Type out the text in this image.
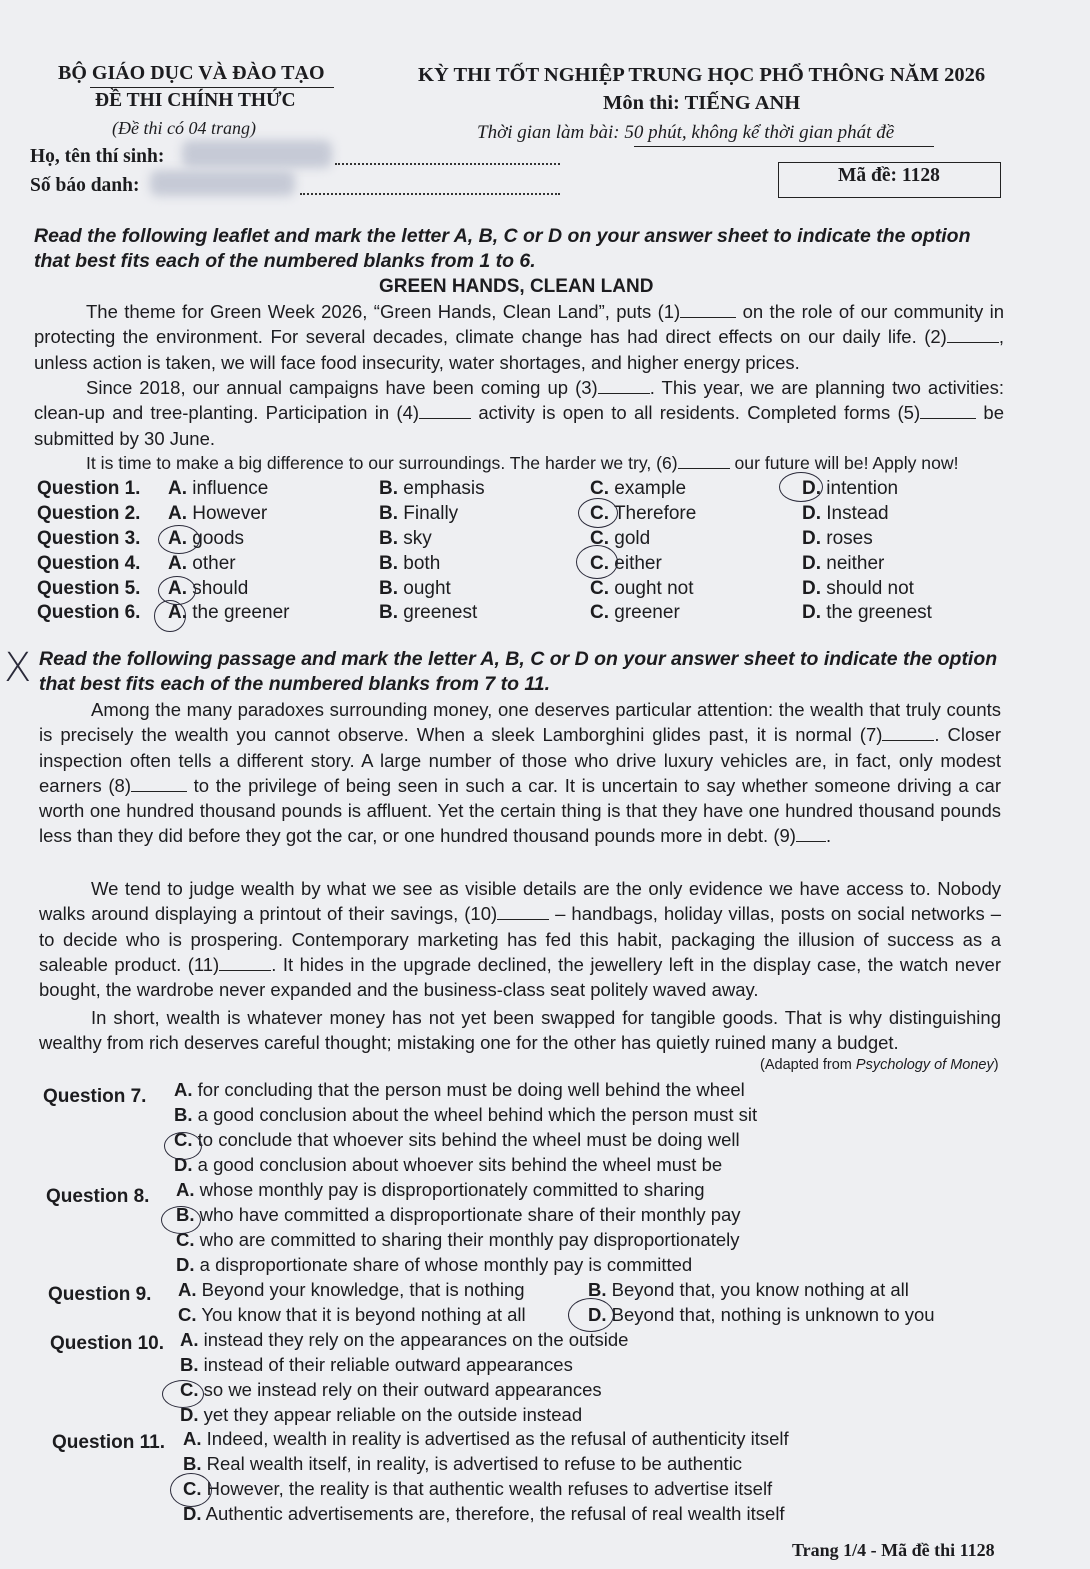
BỘ GIÁO DỤC VÀ ĐÀO TẠO
ĐỀ THI CHÍNH THỨC
(Đề thi có 04 trang)
KỲ THI TỐT NGHIỆP TRUNG HỌC PHỔ THÔNG NĂM 2026
Môn thi: TIẾNG ANH
Thời gian làm bài: 50 phút, không kể thời gian phát đề
Họ, tên thí sinh:
Số báo danh:	Mã đề: 1128
Read the following leaflet and mark the letter A, B, C or D on your answer sheet to indicate the option that best fits each of the numbered blanks from 1 to 6.
GREEN HANDS, CLEAN LAND
The theme for Green Week 2026, “Green Hands, Clean Land”, puts (1)	on the role of our community in protecting the environment. For several decades, climate change has had direct effects on our daily life. (2)	, unless action is taken, we will face food insecurity, water shortages, and higher energy prices.
Since 2018, our annual campaigns have been coming up (3)	. This year, we are planning two activities: clean-up and tree-planting. Participation in (4)	activity is open to all residents. Completed forms (5)	be submitted by 30 June.
It is time to make a big difference to our surroundings. The harder we try, (6)	our future will be! Apply now!
Question 1. A. influence	B. emphasis	C. example	D. intention
Question 2. A. However	B. Finally	C. Therefore	D. Instead
Question 3. A. goods	B. sky	C. gold	D. roses
Question 4. A. other	B. both	C. either	D. neither
Question 5. A. should	B. ought	C. ought not	D. should not
Question 6. A. the greener	B. greenest	C. greener	D. the greenest
X Read the following passage and mark the letter A, B, C or D on your answer sheet to indicate the option that best fits each of the numbered blanks from 7 to 11.
Among the many paradoxes surrounding money, one deserves particular attention: the wealth that truly counts is precisely the wealth you cannot observe. When a sleek Lamborghini glides past, it is normal (7)	. Closer inspection often tells a different story. A large number of those who drive luxury vehicles are, in fact, only modest earners (8)	to the privilege of being seen in such a car. It is uncertain to say whether someone driving a car worth one hundred thousand pounds is affluent. Yet the certain thing is that they have one hundred thousand pounds less than they did before they got the car, or one hundred thousand pounds more in debt. (9) .
We tend to judge wealth by what we see as visible details are the only evidence we have access to. Nobody walks around displaying a printout of their savings, (10)	– handbags, holiday villas, posts on social networks – to decide who is prospering. Contemporary marketing has fed this habit, packaging the illusion of success as a saleable product. (11)	. It hides in the upgrade declined, the jewellery left in the display case, the watch never bought, the wardrobe never expanded and the business-class seat politely waved away.
In short, wealth is whatever money has not yet been swapped for tangible goods. That is why distinguishing wealthy from rich deserves careful thought; mistaking one for the other has quietly ruined many a budget.
(Adapted from Psychology of Money)
Question 7. A. for concluding that the person must be doing well behind the wheel
B. a good conclusion about the wheel behind which the person must sit
C. to conclude that whoever sits behind the wheel must be doing well
D. a good conclusion about whoever sits behind the wheel must be
Question 8. A. whose monthly pay is disproportionately committed to sharing
B. who have committed a disproportionate share of their monthly pay
C. who are committed to sharing their monthly pay disproportionately
D. a disproportionate share of whose monthly pay is committed
Question 9. A. Beyond your knowledge, that is nothing	B. Beyond that, you know nothing at all
C. You know that it is beyond nothing at all	D. Beyond that, nothing is unknown to you
Question 10. A. instead they rely on the appearances on the outside
B. instead of their reliable outward appearances
C. so we instead rely on their outward appearances
D. yet they appear reliable on the outside instead
Question 11. A. Indeed, wealth in reality is advertised as the refusal of authenticity itself
B. Real wealth itself, in reality, is advertised to refuse to be authentic
C. However, the reality is that authentic wealth refuses to advertise itself
D. Authentic advertisements are, therefore, the refusal of real wealth itself
Trang 1/4 - Mã đề thi 1128
